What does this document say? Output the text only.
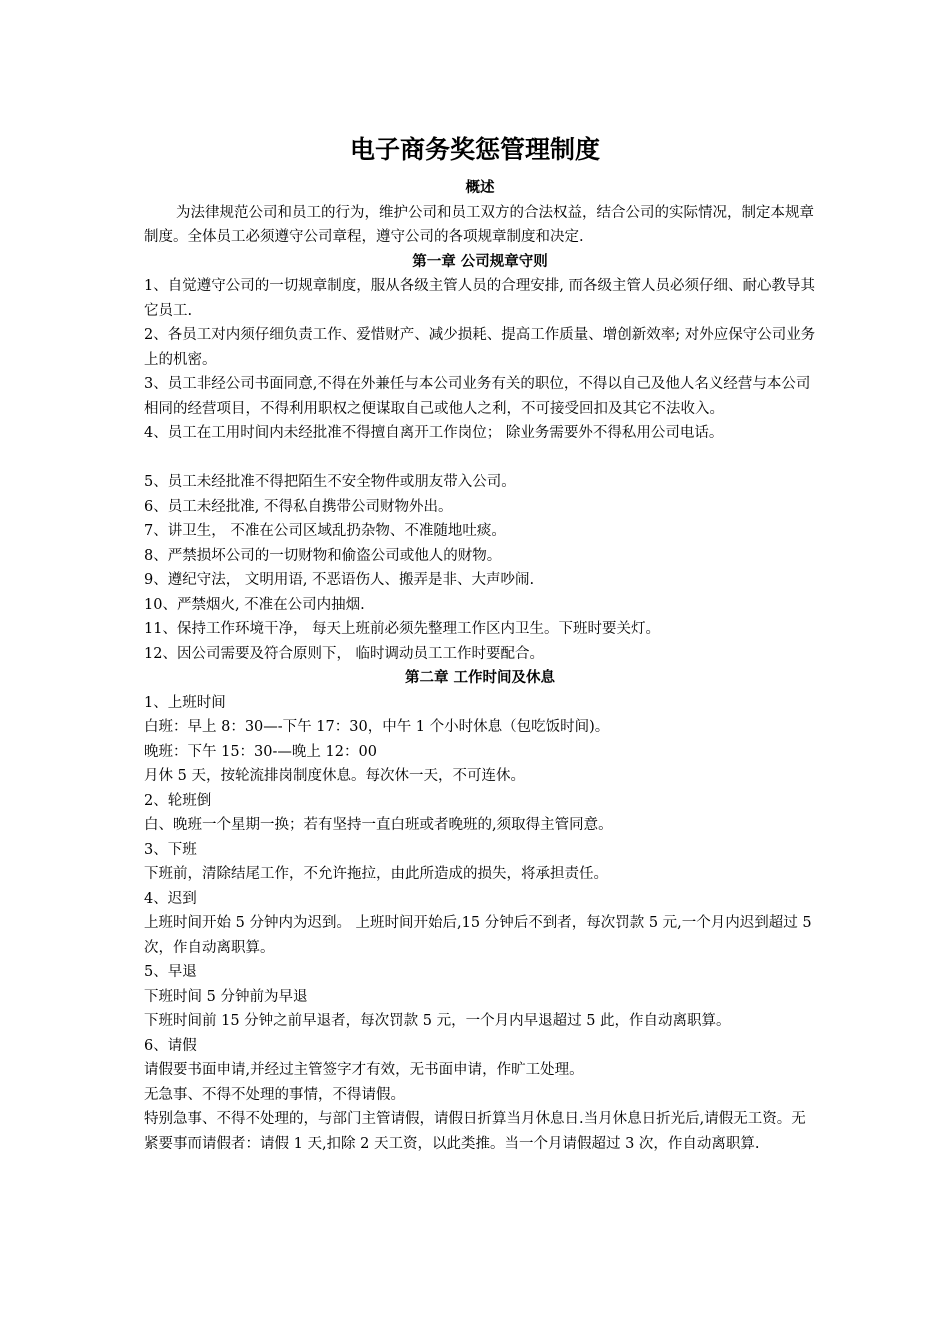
电子商务奖惩管理制度

概述

为法律规范公司和员工的行为，维护公司和员工双方的合法权益，结合公司的实际情况，制定本规章制度。全体员工必须遵守公司章程，遵守公司的各项规章制度和决定.

第一章 公司规章守则

1、自觉遵守公司的一切规章制度，服从各级主管人员的合理安排, 而各级主管人员必须仔细、耐心教导其它员工.

2、各员工对内须仔细负责工作、爱惜财产、减少损耗、提高工作质量、增创新效率; 对外应保守公司业务上的机密。

3、员工非经公司书面同意,不得在外兼任与本公司业务有关的职位，不得以自己及他人名义经营与本公司相同的经营项目，不得利用职权之便谋取自己或他人之利，不可接受回扣及其它不法收入。

4、员工在工用时间内未经批准不得擅自离开工作岗位； 除业务需要外不得私用公司电话。

5、员工未经批准不得把陌生不安全物件或朋友带入公司。

6、员工未经批准, 不得私自携带公司财物外出。

7、讲卫生， 不准在公司区域乱扔杂物、不准随地吐痰。

8、严禁损坏公司的一切财物和偷盗公司或他人的财物。

9、遵纪守法， 文明用语, 不恶语伤人、搬弄是非、大声吵闹.

10、严禁烟火, 不准在公司内抽烟.

11、保持工作环境干净， 每天上班前必须先整理工作区内卫生。下班时要关灯。

12、因公司需要及符合原则下， 临时调动员工工作时要配合。

第二章 工作时间及休息

1、上班时间

白班：早上 8：30—-下午 17：30，中午 1 个小时休息（包吃饭时间)。

晚班：下午 15：30-—晚上 12：00

月休 5 天，按轮流排岗制度休息。每次休一天，不可连休。

2、轮班倒

白、晚班一个星期一换；若有坚持一直白班或者晚班的,须取得主管同意。

3、下班

下班前，清除结尾工作，不允许拖拉，由此所造成的损失，将承担责任。

4、迟到

上班时间开始 5 分钟内为迟到。 上班时间开始后,15 分钟后不到者，每次罚款 5 元,一个月内迟到超过 5 次，作自动离职算。

5、早退

下班时间 5 分钟前为早退

下班时间前 15 分钟之前早退者，每次罚款 5 元，一个月内早退超过 5 此，作自动离职算。

6、请假

请假要书面申请,并经过主管签字才有效，无书面申请，作旷工处理。

无急事、不得不处理的事情，不得请假。

特别急事、不得不处理的，与部门主管请假，请假日折算当月休息日.当月休息日折光后,请假无工资。无紧要事而请假者：请假 1 天,扣除 2 天工资，以此类推。当一个月请假超过 3 次，作自动离职算.
